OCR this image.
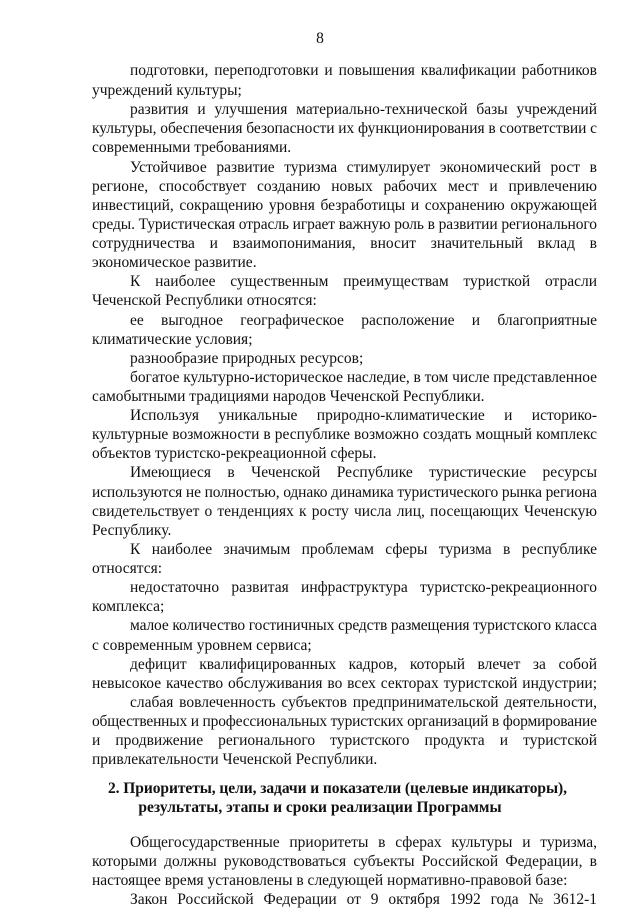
8
подготовки, переподготовки и повышения квалификации работников
учреждений культуры;
развития и улучшения материально-технической базы учреждений
культуры, обеспечения безопасности их функционирования в соответствии с
современными требованиями.
Устойчивое развитие туризма стимулирует экономический рост в
регионе, способствует созданию новых рабочих мест и привлечению
инвестиций, сокращению уровня безработицы и сохранению окружающей
среды. Туристическая отрасль играет важную роль в развитии регионального
сотрудничества и взаимопонимания, вносит значительный вклад в
экономическое развитие.
К наиболее существенным преимуществам туристкой отрасли
Чеченской Республики относятся:
ее выгодное географическое расположение и благоприятные
климатические условия;
разнообразие природных ресурсов;
богатое культурно-историческое наследие, в том числе представленное
самобытными традициями народов Чеченской Республики.
Используя уникальные природно-климатические и историко-
культурные возможности в республике возможно создать мощный комплекс
объектов туристско-рекреационной сферы.
Имеющиеся в Чеченской Республике туристические ресурсы
используются не полностью, однако динамика туристического рынка региона
свидетельствует о тенденциях к росту числа лиц, посещающих Чеченскую
Республику.
К наиболее значимым проблемам сферы туризма в республике
относятся:
недостаточно развитая инфраструктура туристско-рекреационного
комплекса;
малое количество гостиничных средств размещения туристского класса
с современным уровнем сервиса;
дефицит квалифицированных кадров, который влечет за собой
невысокое качество обслуживания во всех секторах туристской индустрии;
слабая вовлеченность субъектов предпринимательской деятельности,
общественных и профессиональных туристских организаций в формирование
и продвижение регионального туристского продукта и туристской
привлекательности Чеченской Республики.
2. Приоритеты, цели, задачи и показатели (целевые индикаторы),
результаты, этапы и сроки реализации Программы
Общегосударственные приоритеты в сферах культуры и туризма,
которыми должны руководствоваться субъекты Российской Федерации, в
настоящее время установлены в следующей нормативно-правовой базе:
Закон Российской Федерации от 9 октября 1992 года № 3612-1
